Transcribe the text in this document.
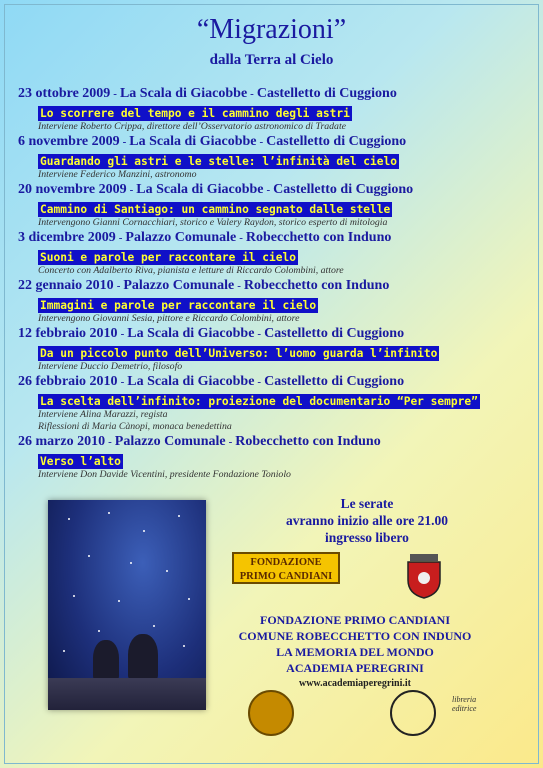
“Migrazioni”
dalla Terra al Cielo
23 ottobre 2009 - La Scala di Giacobbe - Castelletto di Cuggiono
Lo scorrere del tempo e il cammino degli astri
Interviene Roberto Crippa, direttore dell’Osservatorio astronomico di Tradate
6 novembre 2009 - La Scala di Giacobbe - Castelletto di Cuggiono
Guardando gli astri e le stelle: l’infinità del cielo
Interviene Federico Manzini, astronomo
20 novembre 2009 - La Scala di Giacobbe - Castelletto di Cuggiono
Cammino di Santiago: un cammino segnato dalle stelle
Intervengono Gianni Cornacchiari, storico e Valery Raydon, storico esperto di mitologia
3 dicembre 2009 - Palazzo Comunale - Robecchetto con Induno
Suoni e parole per raccontare il cielo
Concerto con Adalberto Riva, pianista e letture di Riccardo Colombini, attore
22 gennaio 2010 - Palazzo Comunale - Robecchetto con Induno
Immagini e parole per raccontare il cielo
Intervengono Giovanni Sesia, pittore e Riccardo Colombini, attore
12 febbraio 2010 - La Scala di Giacobbe - Castelletto di Cuggiono
Da un piccolo punto dell’Universo: l’uomo guarda l’infinito
Interviene Duccio Demetrio, filosofo
26 febbraio 2010 - La Scala di Giacobbe - Castelletto di Cuggiono
La scelta dell’infinito: proiezione del documentario “Per sempre”
Interviene Alina Marazzi, regista
Riflessioni di Maria Cànopi, monaca benedettina
26 marzo 2010 - Palazzo Comunale - Robecchetto con Induno
Verso l’alto
Interviene Don Davide Vicentini, presidente Fondazione Toniolo
Le serate
avranno inizio alle ore 21.00
ingresso libero
FONDAZIONE
PRIMO CANDIANI
FONDAZIONE PRIMO CANDIANI
COMUNE ROBECCHETTO CON INDUNO
LA MEMORIA DEL MONDO
ACADEMIA PEREGRINI
www.academiaperegrini.it
libreria editrice
